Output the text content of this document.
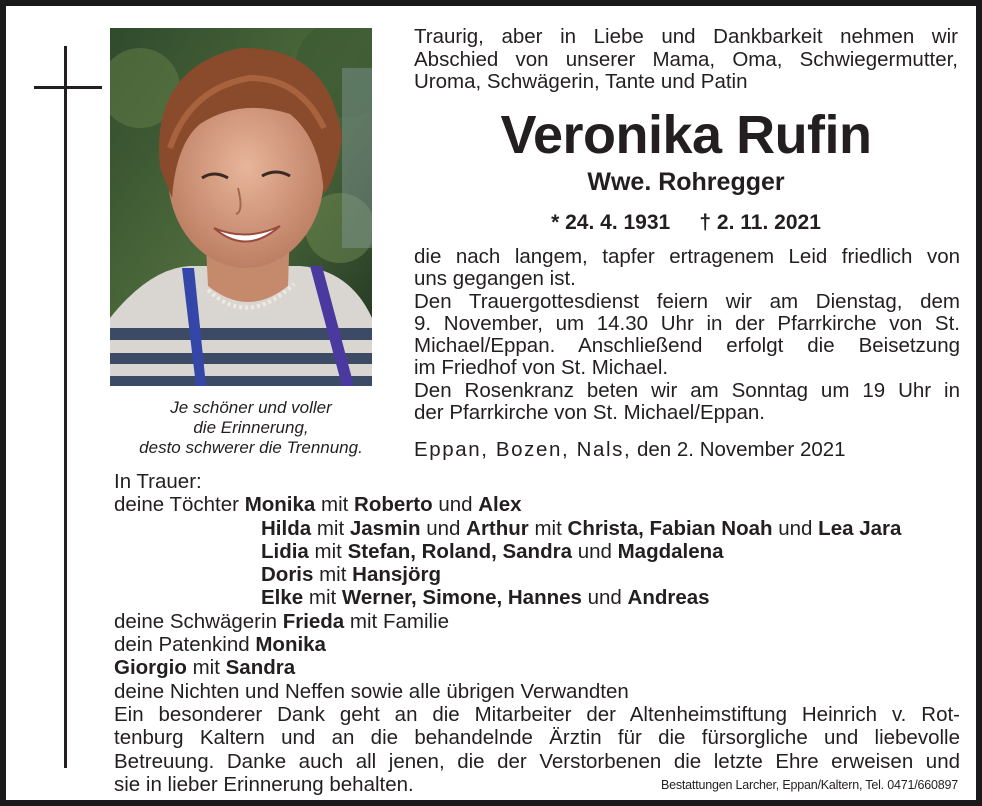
Je schöner und voller
die Erinnerung,
desto schwerer die Trennung.
Traurig, aber in Liebe und Dankbarkeit nehmen wir
Abschied von unserer Mama, Oma, Schwiegermutter,
Uroma, Schwägerin, Tante und Patin
Veronika Rufin
Wwe. Rohregger
* 24. 4. 1931 † 2. 11. 2021
die nach langem, tapfer ertragenem Leid friedlich von
uns gegangen ist.
Den Trauergottesdienst feiern wir am Dienstag, dem
9. November, um 14.30 Uhr in der Pfarrkirche von St.
Michael/Eppan. Anschließend erfolgt die Beisetzung
im Friedhof von St. Michael.
Den Rosenkranz beten wir am Sonntag um 19 Uhr in
der Pfarrkirche von St. Michael/Eppan.
Eppan, Bozen, Nals, den 2. November 2021
In Trauer:
deine Töchter Monika mit Roberto und Alex
Hilda mit Jasmin und Arthur mit Christa, Fabian Noah und Lea Jara
Lidia mit Stefan, Roland, Sandra und Magdalena
Doris mit Hansjörg
Elke mit Werner, Simone, Hannes und Andreas
deine Schwägerin Frieda mit Familie
dein Patenkind Monika
Giorgio mit Sandra
deine Nichten und Neffen sowie alle übrigen Verwandten
Ein besonderer Dank geht an die Mitarbeiter der Altenheimstiftung Heinrich v. Rot-
tenburg Kaltern und an die behandelnde Ärztin für die fürsorgliche und liebevolle
Betreuung. Danke auch all jenen, die der Verstorbenen die letzte Ehre erweisen und
sie in lieber Erinnerung behalten.	Bestattungen Larcher, Eppan/Kaltern, Tel. 0471/660897
